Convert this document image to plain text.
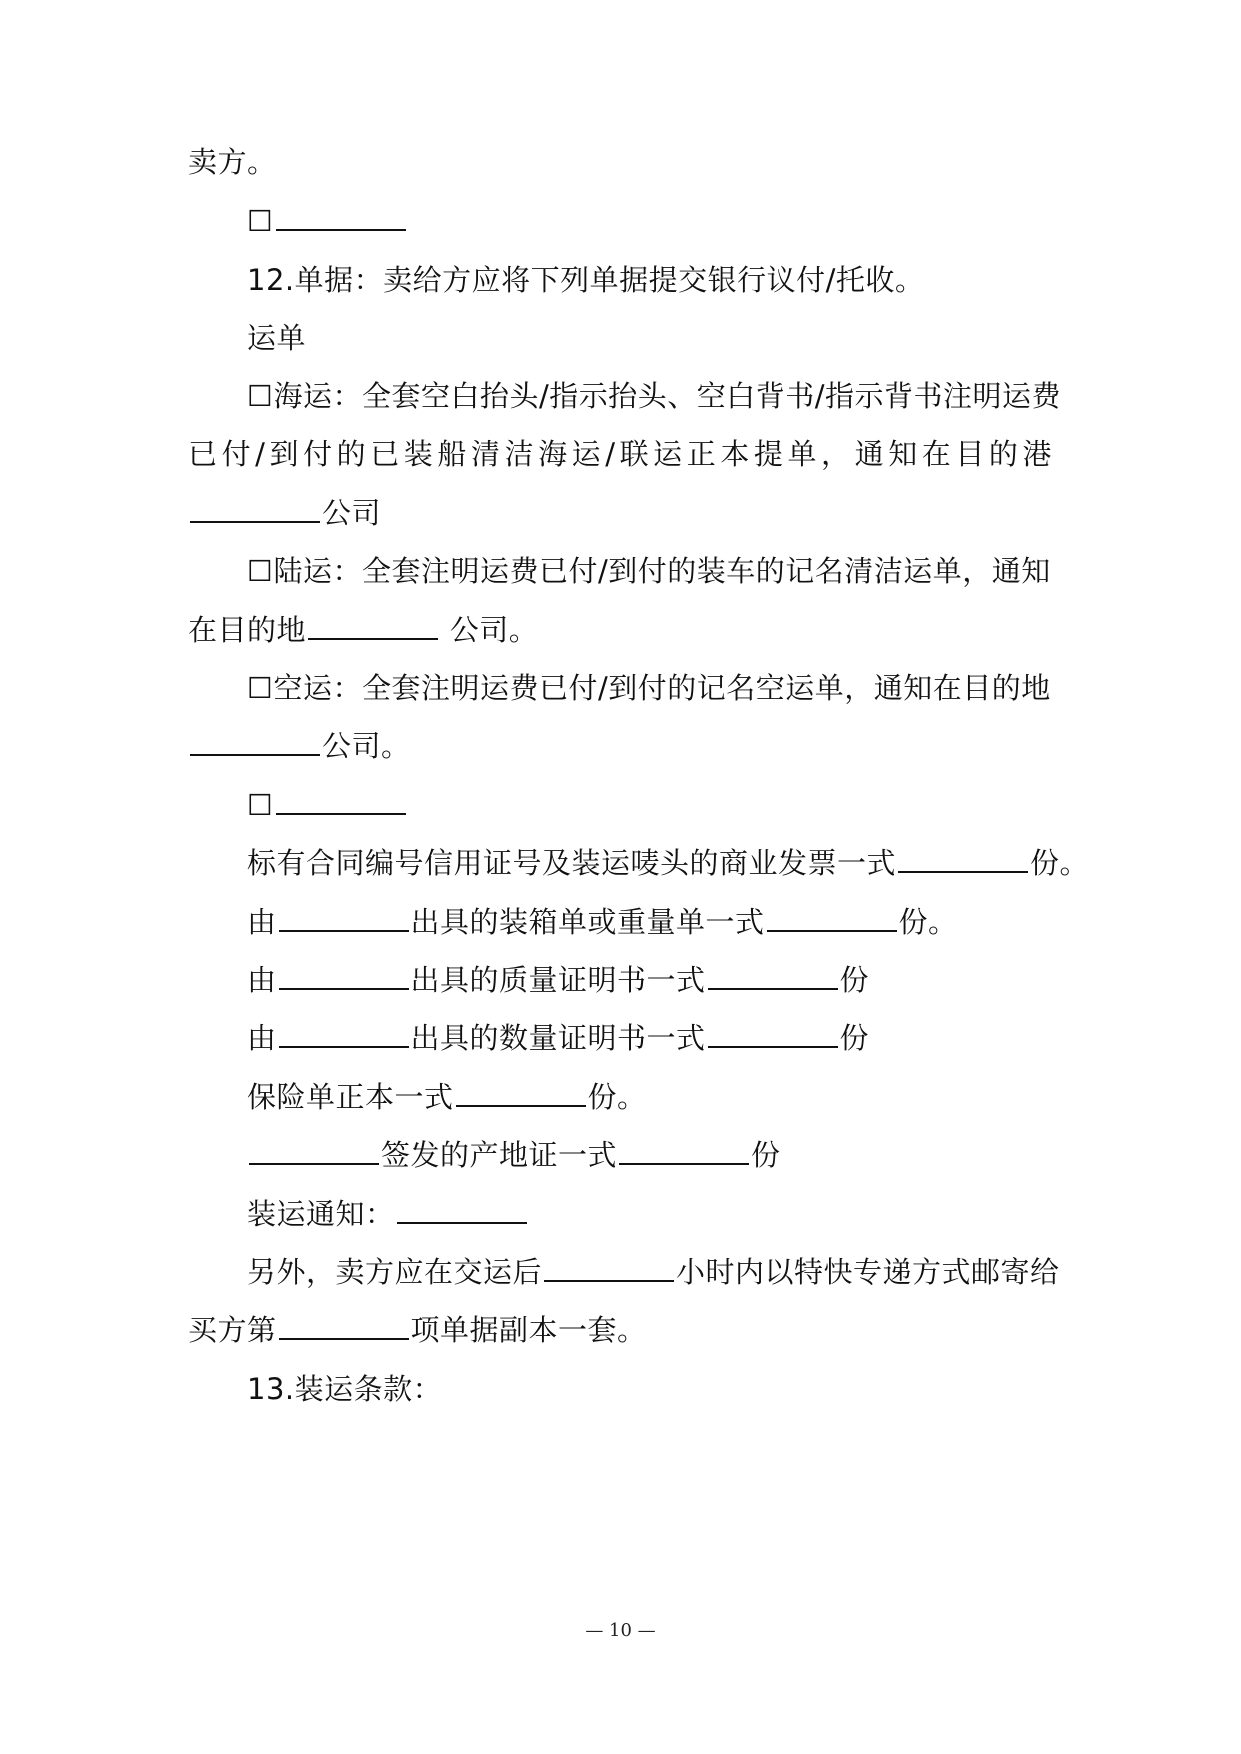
卖方。
☐
12.单据：卖给方应将下列单据提交银行议付/托收。
运单
☐海运：全套空白抬头/指示抬头、空白背书/指示背书注明运费
已付/到付的已装船清洁海运/联运正本提单，通知在目的港
公司
☐陆运：全套注明运费已付/到付的装车的记名清洁运单，通知
在目的地	公司。
☐空运：全套注明运费已付/到付的记名空运单，通知在目的地
公司。
☐
标有合同编号信用证号及装运唛头的商业发票一式	份。
由	出具的装箱单或重量单一式	份。
由	出具的质量证明书一式	份
由	出具的数量证明书一式	份
保险单正本一式	份。
签发的产地证一式	份
装运通知：
另外，卖方应在交运后	小时内以特快专递方式邮寄给
买方第	项单据副本一套。
13.装运条款：
— 10 —
